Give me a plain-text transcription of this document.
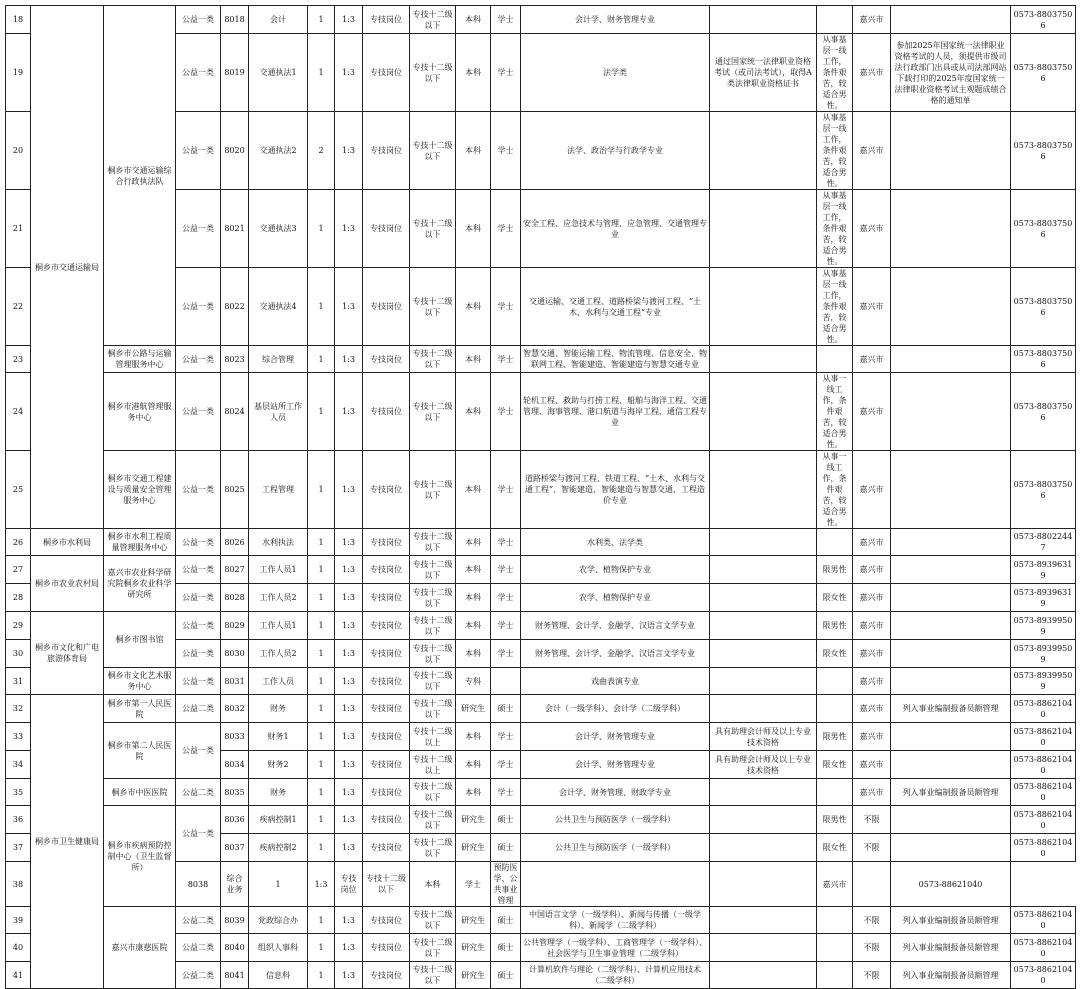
18	桐乡市交通运输局	桐乡市交通运输综合行政执法队	公益一类	8018	会计	1	1:3	专技岗位	专技十二级以下	本科	学士	会计学、财务管理专业			嘉兴市		0573-88037506
19			公益一类	8019	交通执法1	1	1:3	专技岗位	专技十二级以下	本科	学士	法学类	通过国家统一法律职业资格考试（或司法考试），取得A类法律职业资格证书	从事基层一线工作，条件艰苦，较适合男性。	嘉兴市	参加2025年国家统一法律职业资格考试的人员，须提供市级司法行政部门出具或从司法部网站下载打印的2025年度国家统一法律职业资格考试主观题成绩合格的通知单	0573-88037506
20			公益一类	8020	交通执法2	2	1:3	专技岗位	专技十二级以下	本科	学士	法学、政治学与行政学专业		从事基层一线工作，条件艰苦，较适合男性。	嘉兴市		0573-88037506
21			公益一类	8021	交通执法3	1	1:3	专技岗位	专技十二级以下	本科	学士	安全工程、应急技术与管理、应急管理、交通管理专业		从事基层一线工作，条件艰苦，较适合男性。	嘉兴市		0573-88037506
22			公益一类	8022	交通执法4	1	1:3	专技岗位	专技十二级以下	本科	学士	交通运输、交通工程、道路桥梁与渡河工程、“土木、水利与交通工程”专业		从事基层一线工作，条件艰苦，较适合男性。	嘉兴市		0573-88037506
23		桐乡市公路与运输管理服务中心	公益一类	8023	综合管理	1	1:3	专技岗位	专技十二级以下	本科	学士	智慧交通、智能运输工程、物流管理、信息安全、物联网工程、智能建造、智能建造与智慧交通专业			嘉兴市		0573-88037506
24		桐乡市港航管理服务中心	公益一类	8024	基层站所工作人员	1	1:3	专技岗位	专技十二级以下	本科	学士	轮机工程、救助与打捞工程、船舶与海洋工程、交通管理、海事管理、港口航道与海岸工程、通信工程专业		从事一线工作，条件艰苦，较适合男性。	嘉兴市		0573-88037506
25		桐乡市交通工程建设与质量安全管理服务中心	公益一类	8025	工程管理	1	1:3	专技岗位	专技十二级以下	本科	学士	道路桥梁与渡河工程、铁道工程、“土木、水利与交通工程”、智能建造、智能建造与智慧交通、工程造价专业		从事一线工作，条件艰苦，较适合男性。	嘉兴市		0573-88037506
26	桐乡市水利局	桐乡市水利工程质量管理服务中心	公益一类	8026	水利执法	1	1:3	专技岗位	专技十二级以下	本科	学士	水利类、法学类			嘉兴市		0573-88022447
27	桐乡市农业农村局	嘉兴市农业科学研究院桐乡农业科学研究所	公益一类	8027	工作人员1	1	1:3	专技岗位	专技十二级以下	本科	学士	农学、植物保护专业		限男性	嘉兴市		0573-89396319
28			公益一类	8028	工作人员2	1	1:3	专技岗位	专技十二级以下	本科	学士	农学、植物保护专业		限女性	嘉兴市		0573-89396319
29	桐乡市文化和广电旅游体育局	桐乡市图书馆	公益一类	8029	工作人员1	1	1:3	专技岗位	专技十二级以下	本科	学士	财务管理、会计学、金融学、汉语言文学专业		限男性	嘉兴市		0573-89399509
30			公益一类	8030	工作人员2	1	1:3	专技岗位	专技十二级以下	本科	学士	财务管理、会计学、金融学、汉语言文学专业		限女性	嘉兴市		0573-89399509
31		桐乡市文化艺术服务中心	公益一类	8031	工作人员	1	1:3	专技岗位	专技十二级以下	专科		戏曲表演专业			嘉兴市		0573-89399509
32	桐乡市卫生健康局	桐乡市第一人民医院	公益二类	8032	财务	1	1:3	专技岗位	专技十二级以下	研究生	硕士	会计（一级学科）、会计学（二级学科）			嘉兴市	列入事业编制报备员额管理	0573-88621040
33		桐乡市第二人民医院	公益一类	8033	财务1	1	1:3	专技岗位	专技十二级以上	本科	学士	会计学、财务管理专业	具有助理会计师及以上专业技术资格	限男性	嘉兴市		0573-88621040
34				8034	财务2	1	1:3	专技岗位	专技十二级以上	本科	学士	会计学、财务管理专业	具有助理会计师及以上专业技术资格	限女性	嘉兴市		0573-88621040
35		桐乡市中医医院	公益二类	8035	财务	1	1:3	专技岗位	专技十二级以下	本科	学士	会计学、财务管理、财政学专业			嘉兴市	列入事业编制报备员额管理	0573-88621040
36		桐乡市疾病预防控制中心（卫生监督所）	公益一类	8036	疾病控制1	1	1:3	专技岗位	专技十二级以下	研究生	硕士	公共卫生与预防医学（一级学科）		限男性	不限		0573-88621040
37				8037	疾病控制2	1	1:3	专技岗位	专技十二级以下	研究生	硕士	公共卫生与预防医学（一级学科）		限女性	不限		0573-88621040
38			8038	综合业务	1	1:3	专技岗位	专技十二级以下	本科	学士	预防医学、公共事业管理			嘉兴市		0573-88621040	
39		嘉兴市康慈医院	公益二类	8039	党政综合办	1	1:3	专技岗位	专技十二级以下	研究生	硕士	中国语言文学（一级学科）、新闻与传播（一级学科）、新闻学（二级学科）			不限	列入事业编制报备员额管理	0573-88621040
40			公益二类	8040	组织人事科	1	1:3	专技岗位	专技十二级以下	研究生	硕士	公共管理学（一级学科）、工商管理学（一级学科）、社会医学与卫生事业管理（二级学科）			不限	列入事业编制报备员额管理	0573-88621040
41			公益二类	8041	信息科	1	1:3	专技岗位	专技十二级以下	研究生	硕士	计算机软件与理论（二级学科）、计算机应用技术（二级学科）			不限	列入事业编制报备员额管理	0573-88621040
